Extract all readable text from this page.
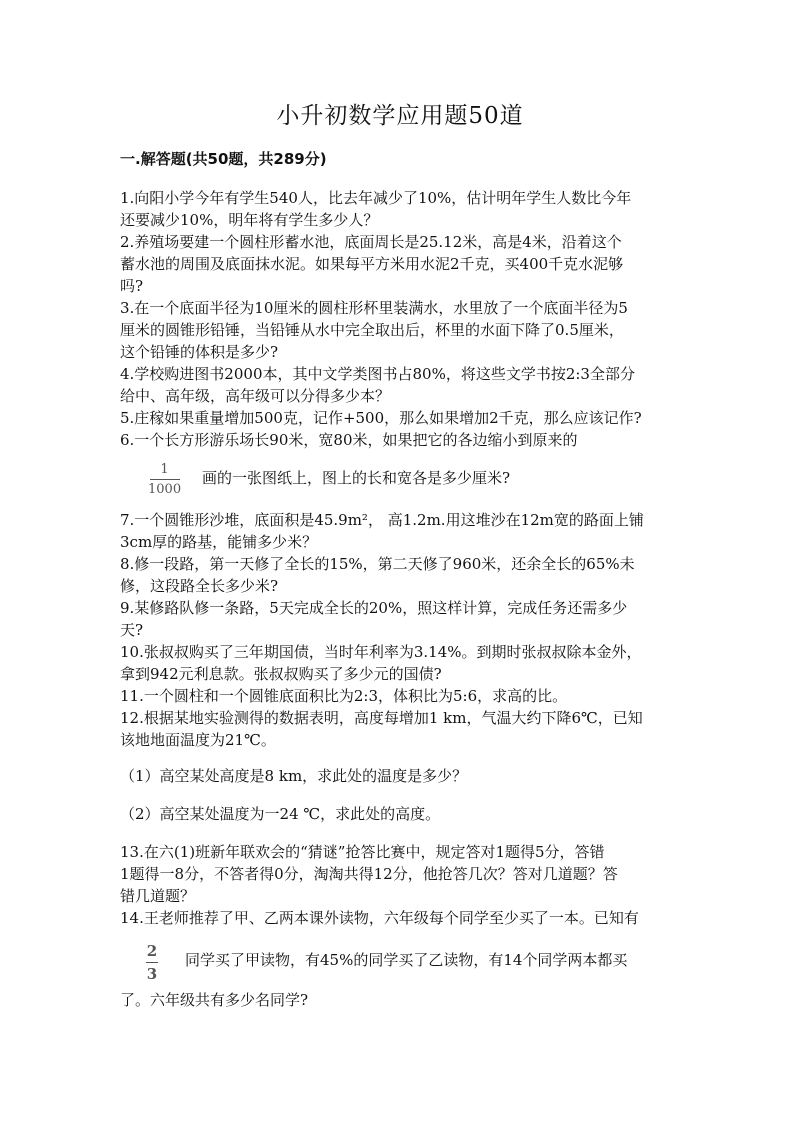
小升初数学应用题50道
一.解答题(共50题，共289分)
1.向阳小学今年有学生540人，比去年减少了10%，估计明年学生人数比今年
还要减少10%，明年将有学生多少人？
2.养殖场要建一个圆柱形蓄水池，底面周长是25.12米，高是4米，沿着这个
蓄水池的周围及底面抹水泥。如果每平方米用水泥2千克，买400千克水泥够
吗?
3.在一个底面半径为10厘米的圆柱形杯里装满水，水里放了一个底面半径为5
厘米的圆锥形铅锤，当铅锤从水中完全取出后，杯里的水面下降了0.5厘米，
这个铅锤的体积是多少?
4.学校购进图书2000本，其中文学类图书占80%，将这些文学书按2:3全部分
给中、高年级，高年级可以分得多少本？
5.庄稼如果重量增加500克，记作+500，那么如果增加2千克，那么应该记作?
6.一个长方形游乐场长90米，宽80米，如果把它的各边缩小到原来的
1
1000
画的一张图纸上，图上的长和宽各是多少厘米?
7.一个圆锥形沙堆，底面积是45.9m²， 高1.2m.用这堆沙在12m宽的路面上铺
3cm厚的路基，能铺多少米？
8.修一段路，第一天修了全长的15%，第二天修了960米，还余全长的65%未
修，这段路全长多少米?
9.某修路队修一条路，5天完成全长的20%，照这样计算，完成任务还需多少
天?
10.张叔叔购买了三年期国债，当时年利率为3.14%。到期时张叔叔除本金外，
拿到942元利息款。张叔叔购买了多少元的国债?
11.一个圆柱和一个圆锥底面积比为2:3，体积比为5:6，求高的比。
12.根据某地实验测得的数据表明，高度每增加1 km，气温大约下降6℃，已知
该地地面温度为21℃。
（1）高空某处高度是8 km，求此处的温度是多少？
（2）高空某处温度为一24 ℃，求此处的高度。
13.在六(1)班新年联欢会的“猜谜”抢答比赛中，规定答对1题得5分，答错
1题得一8分，不答者得0分，淘淘共得12分，他抢答几次？答对几道题？答
错几道题？
14.王老师推荐了甲、乙两本课外读物，六年级每个同学至少买了一本。已知有
2
3
同学买了甲读物，有45%的同学买了乙读物，有14个同学两本都买
了。六年级共有多少名同学?
